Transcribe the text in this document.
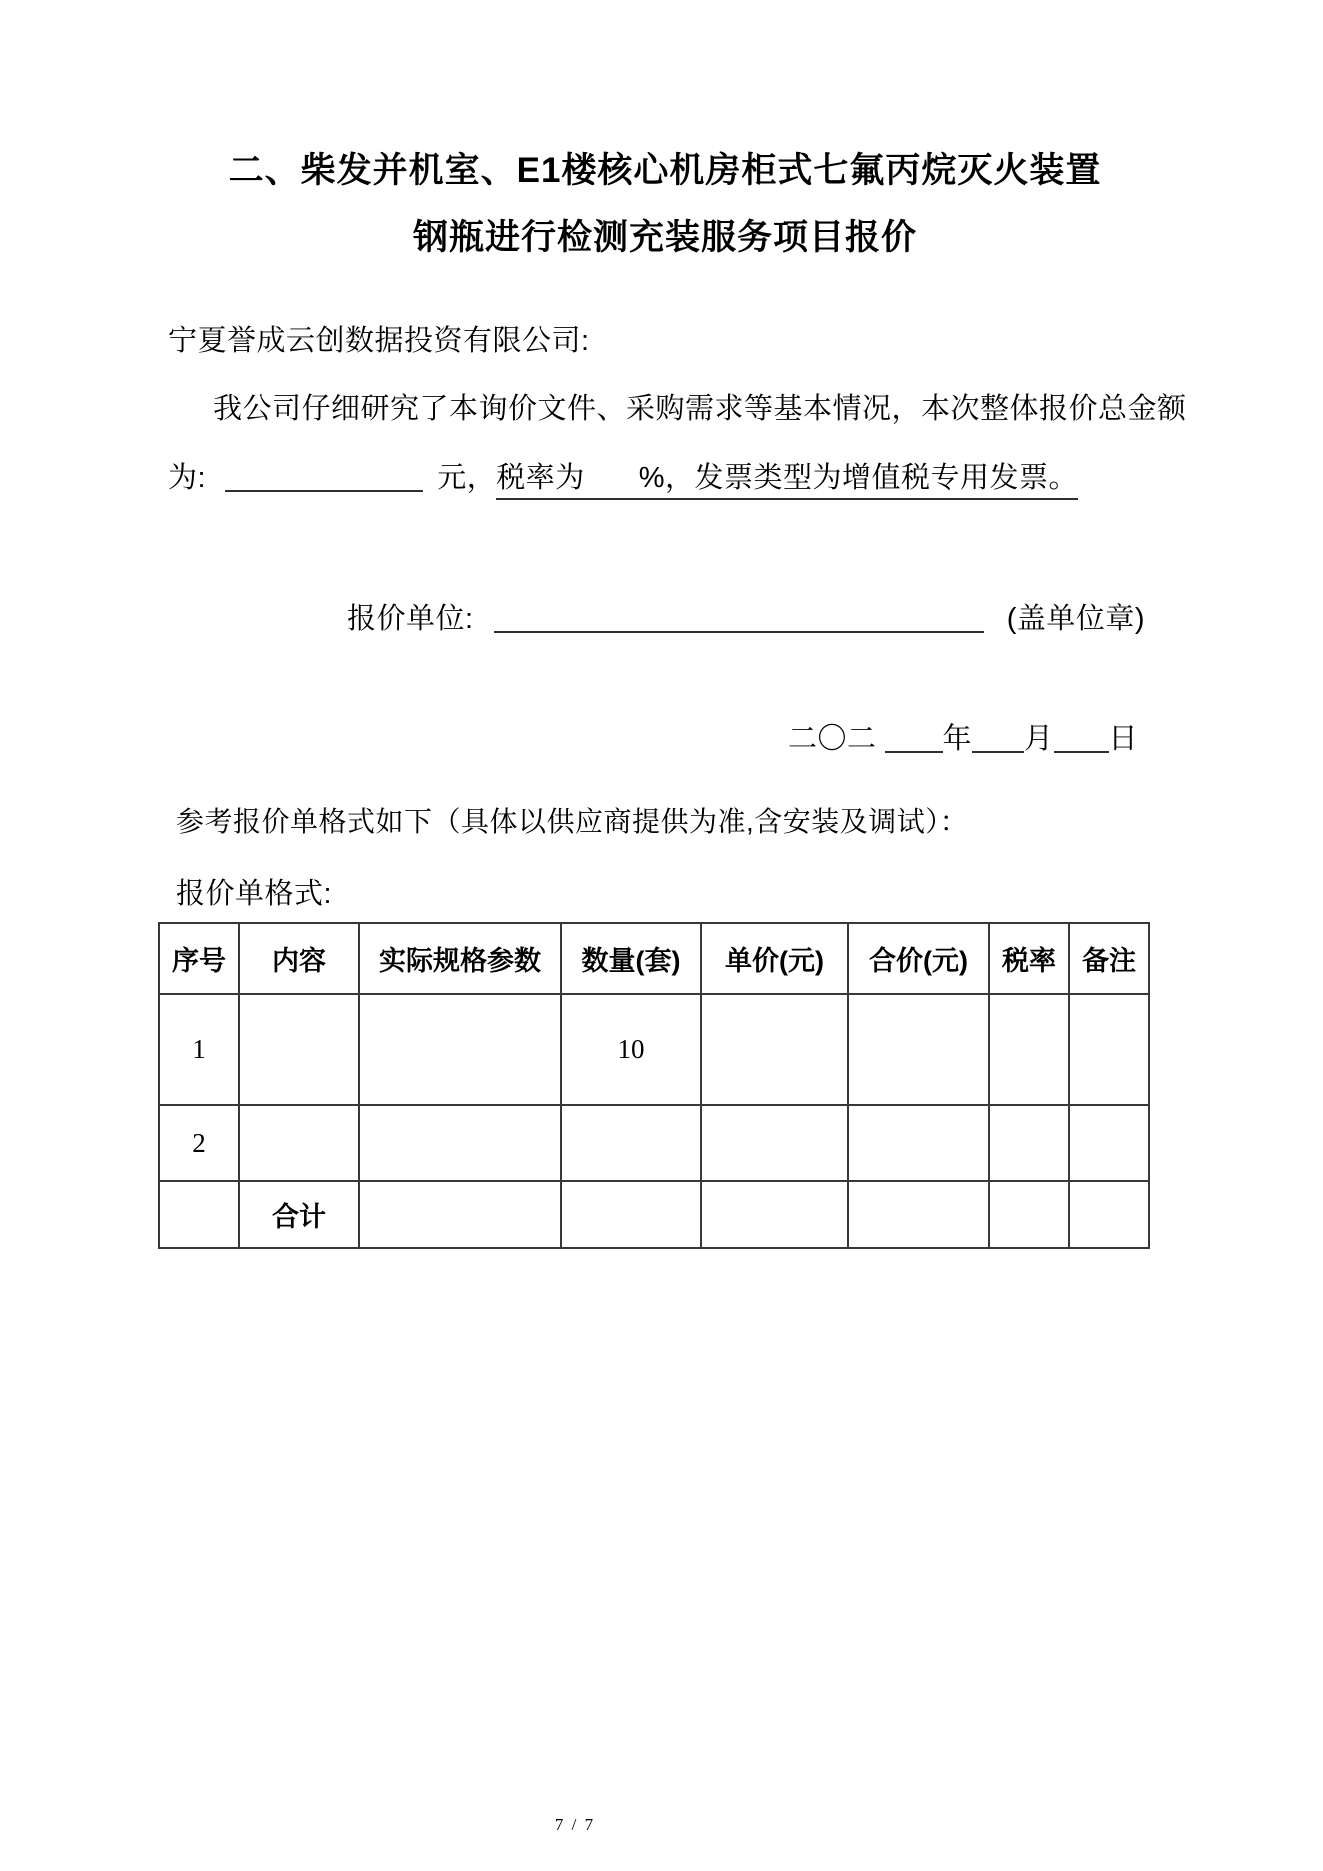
二、柴发并机室、E1楼核心机房柜式七氟丙烷灭火装置
钢瓶进行检测充装服务项目报价
宁夏誉成云创数据投资有限公司:
我公司仔细研究了本询价文件、采购需求等基本情况，本次整体报价总金额
为:	元，税率为 %，发票类型为增值税专用发票。
报价单位:	(盖单位章)
二〇二 年 月 日
参考报价单格式如下（具体以供应商提供为准,含安装及调试）：
报价单格式:
序号	内容	实际规格参数	数量(套)	单价(元)	合价(元)	税率	备注
1			10				
2							
	合计						
7 / 7
